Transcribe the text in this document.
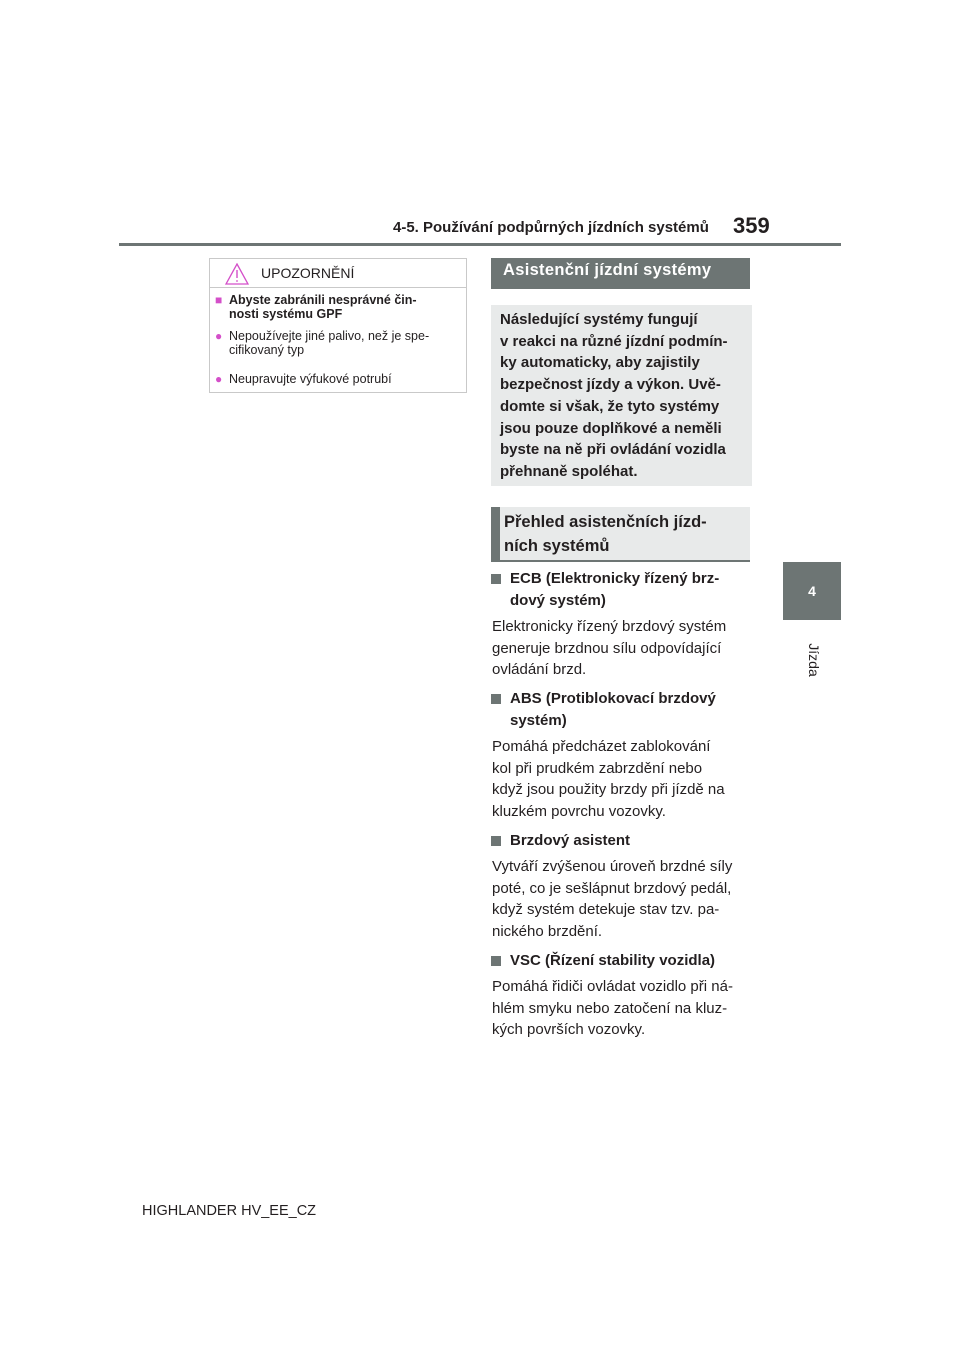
4-5. Používání podpůrných jízdních systémů 359
4
Jízda
UPOZORNĚNÍ
■ Abyste zabránili nesprávné čin-
nosti systému GPF
● Nepoužívejte jiné palivo, než je spe-
cifikovaný typ
● Neupravujte výfukové potrubí
Asistenční jízdní systémy
Následující systémy fungují
v reakci na různé jízdní podmín-
ky automaticky, aby zajistily
bezpečnost jízdy a výkon. Uvě-
domte si však, že tyto systémy
jsou pouze doplňkové a neměli
byste na ně při ovládání vozidla
přehnaně spoléhat.
Přehled asistenčních jízd-
ních systémů
ECB (Elektronicky řízený brz-
dový systém)
Elektronicky řízený brzdový systém
generuje brzdnou sílu odpovídající
ovládání brzd.
ABS (Protiblokovací brzdový
systém)
Pomáhá předcházet zablokování
kol při prudkém zabrzdění nebo
když jsou použity brzdy při jízdě na
kluzkém povrchu vozovky.
Brzdový asistent
Vytváří zvýšenou úroveň brzdné síly
poté, co je sešlápnut brzdový pedál,
když systém detekuje stav tzv. pa-
nického brzdění.
VSC (Řízení stability vozidla)
Pomáhá řidiči ovládat vozidlo při ná-
hlém smyku nebo zatočení na kluz-
kých površích vozovky.
HIGHLANDER HV_EE_CZ
